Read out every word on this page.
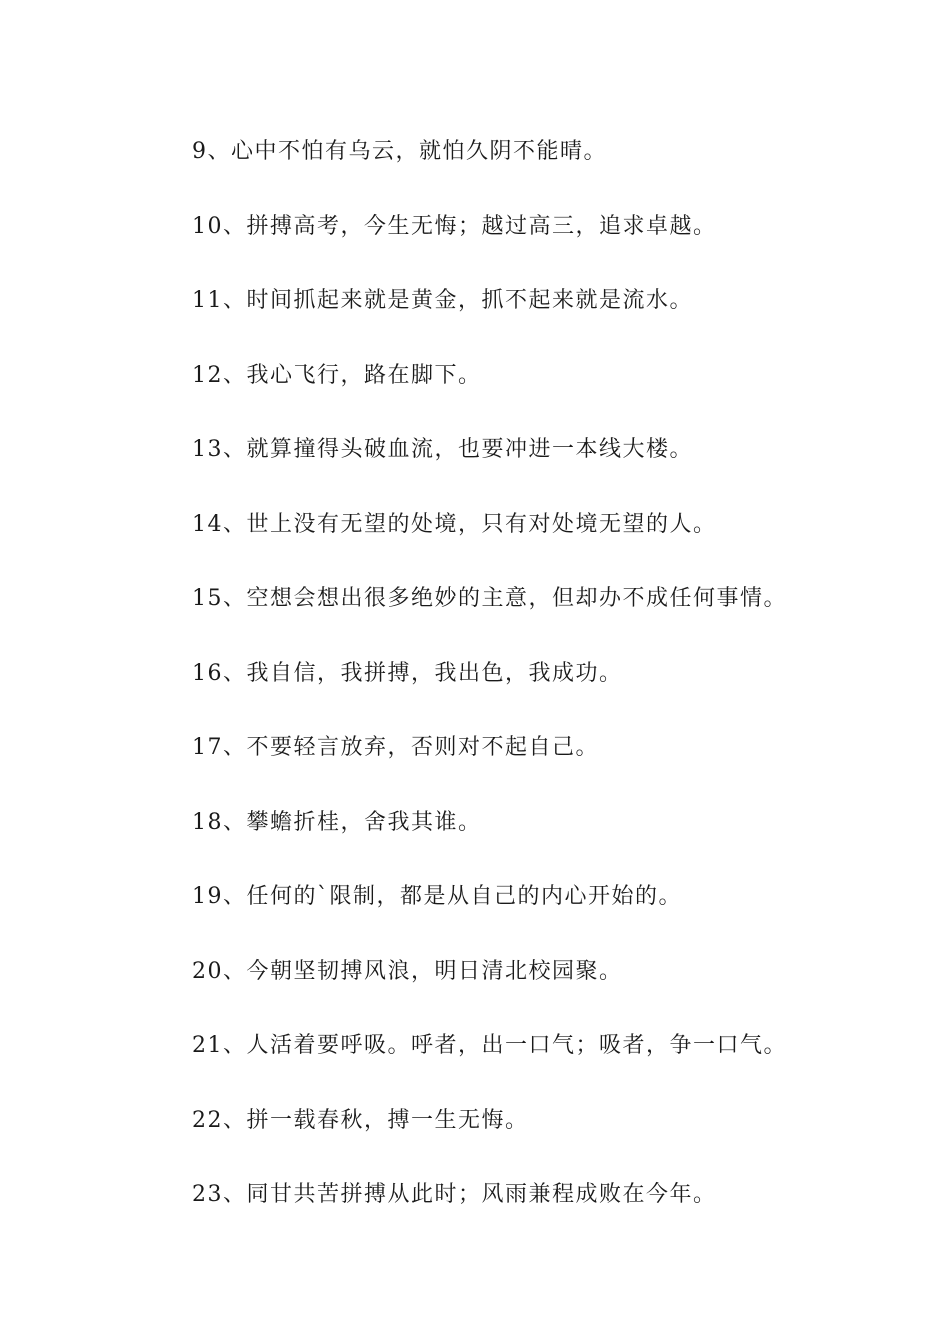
9、心中不怕有乌云，就怕久阴不能晴。
10、拼搏高考，今生无悔；越过高三，追求卓越。
11、时间抓起来就是黄金，抓不起来就是流水。
12、我心飞行，路在脚下。
13、就算撞得头破血流，也要冲进一本线大楼。
14、世上没有无望的处境，只有对处境无望的人。
15、空想会想出很多绝妙的主意，但却办不成任何事情。
16、我自信，我拼搏，我出色，我成功。
17、不要轻言放弃，否则对不起自己。
18、攀蟾折桂，舍我其谁。
19、任何的`限制，都是从自己的内心开始的。
20、今朝坚韧搏风浪，明日清北校园聚。
21、人活着要呼吸。呼者，出一口气；吸者，争一口气。
22、拼一载春秋，搏一生无悔。
23、同甘共苦拼搏从此时；风雨兼程成败在今年。
